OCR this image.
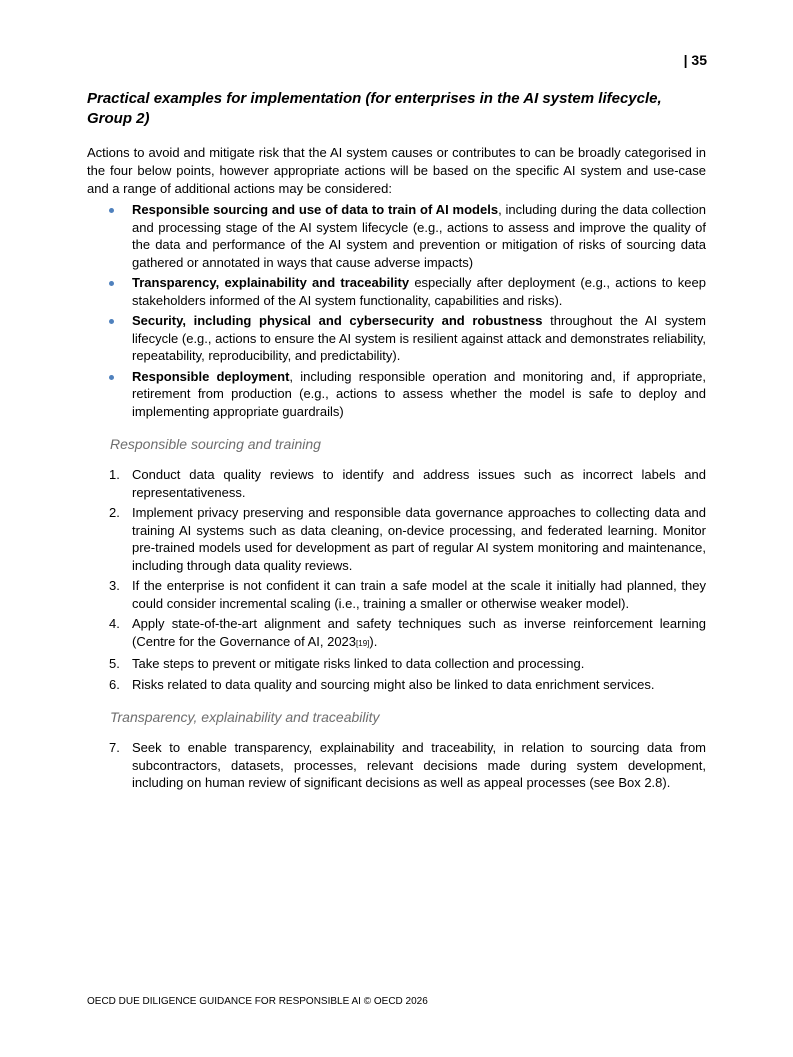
| 35
Practical examples for implementation (for enterprises in the AI system lifecycle, Group 2)

Actions to avoid and mitigate risk that the AI system causes or contributes to can be broadly categorised in the four below points, however appropriate actions will be based on the specific AI system and use-case and a range of additional actions may be considered:

Responsible sourcing and use of data to train of AI models, including during the data collection and processing stage of the AI system lifecycle (e.g., actions to assess and improve the quality of the data and performance of the AI system and prevention or mitigation of risks of sourcing data gathered or annotated in ways that cause adverse impacts)
Transparency, explainability and traceability especially after deployment (e.g., actions to keep stakeholders informed of the AI system functionality, capabilities and risks).
Security, including physical and cybersecurity and robustness throughout the AI system lifecycle (e.g., actions to ensure the AI system is resilient against attack and demonstrates reliability, repeatability, reproducibility, and predictability).
Responsible deployment, including responsible operation and monitoring and, if appropriate, retirement from production (e.g., actions to assess whether the model is safe to deploy and implementing appropriate guardrails)
Responsible sourcing and training
1. Conduct data quality reviews to identify and address issues such as incorrect labels and representativeness.
2. Implement privacy preserving and responsible data governance approaches to collecting data and training AI systems such as data cleaning, on-device processing, and federated learning. Monitor pre-trained models used for development as part of regular AI system monitoring and maintenance, including through data quality reviews.
3. If the enterprise is not confident it can train a safe model at the scale it initially had planned, they could consider incremental scaling (i.e., training a smaller or otherwise weaker model).
4. Apply state-of-the-art alignment and safety techniques such as inverse reinforcement learning (Centre for the Governance of AI, 2023[19]).
5. Take steps to prevent or mitigate risks linked to data collection and processing.
6. Risks related to data quality and sourcing might also be linked to data enrichment services.
Transparency, explainability and traceability
7. Seek to enable transparency, explainability and traceability, in relation to sourcing data from subcontractors, datasets, processes, relevant decisions made during system development, including on human review of significant decisions as well as appeal processes (see Box 2.8).
OECD DUE DILIGENCE GUIDANCE FOR RESPONSIBLE AI © OECD 2026
